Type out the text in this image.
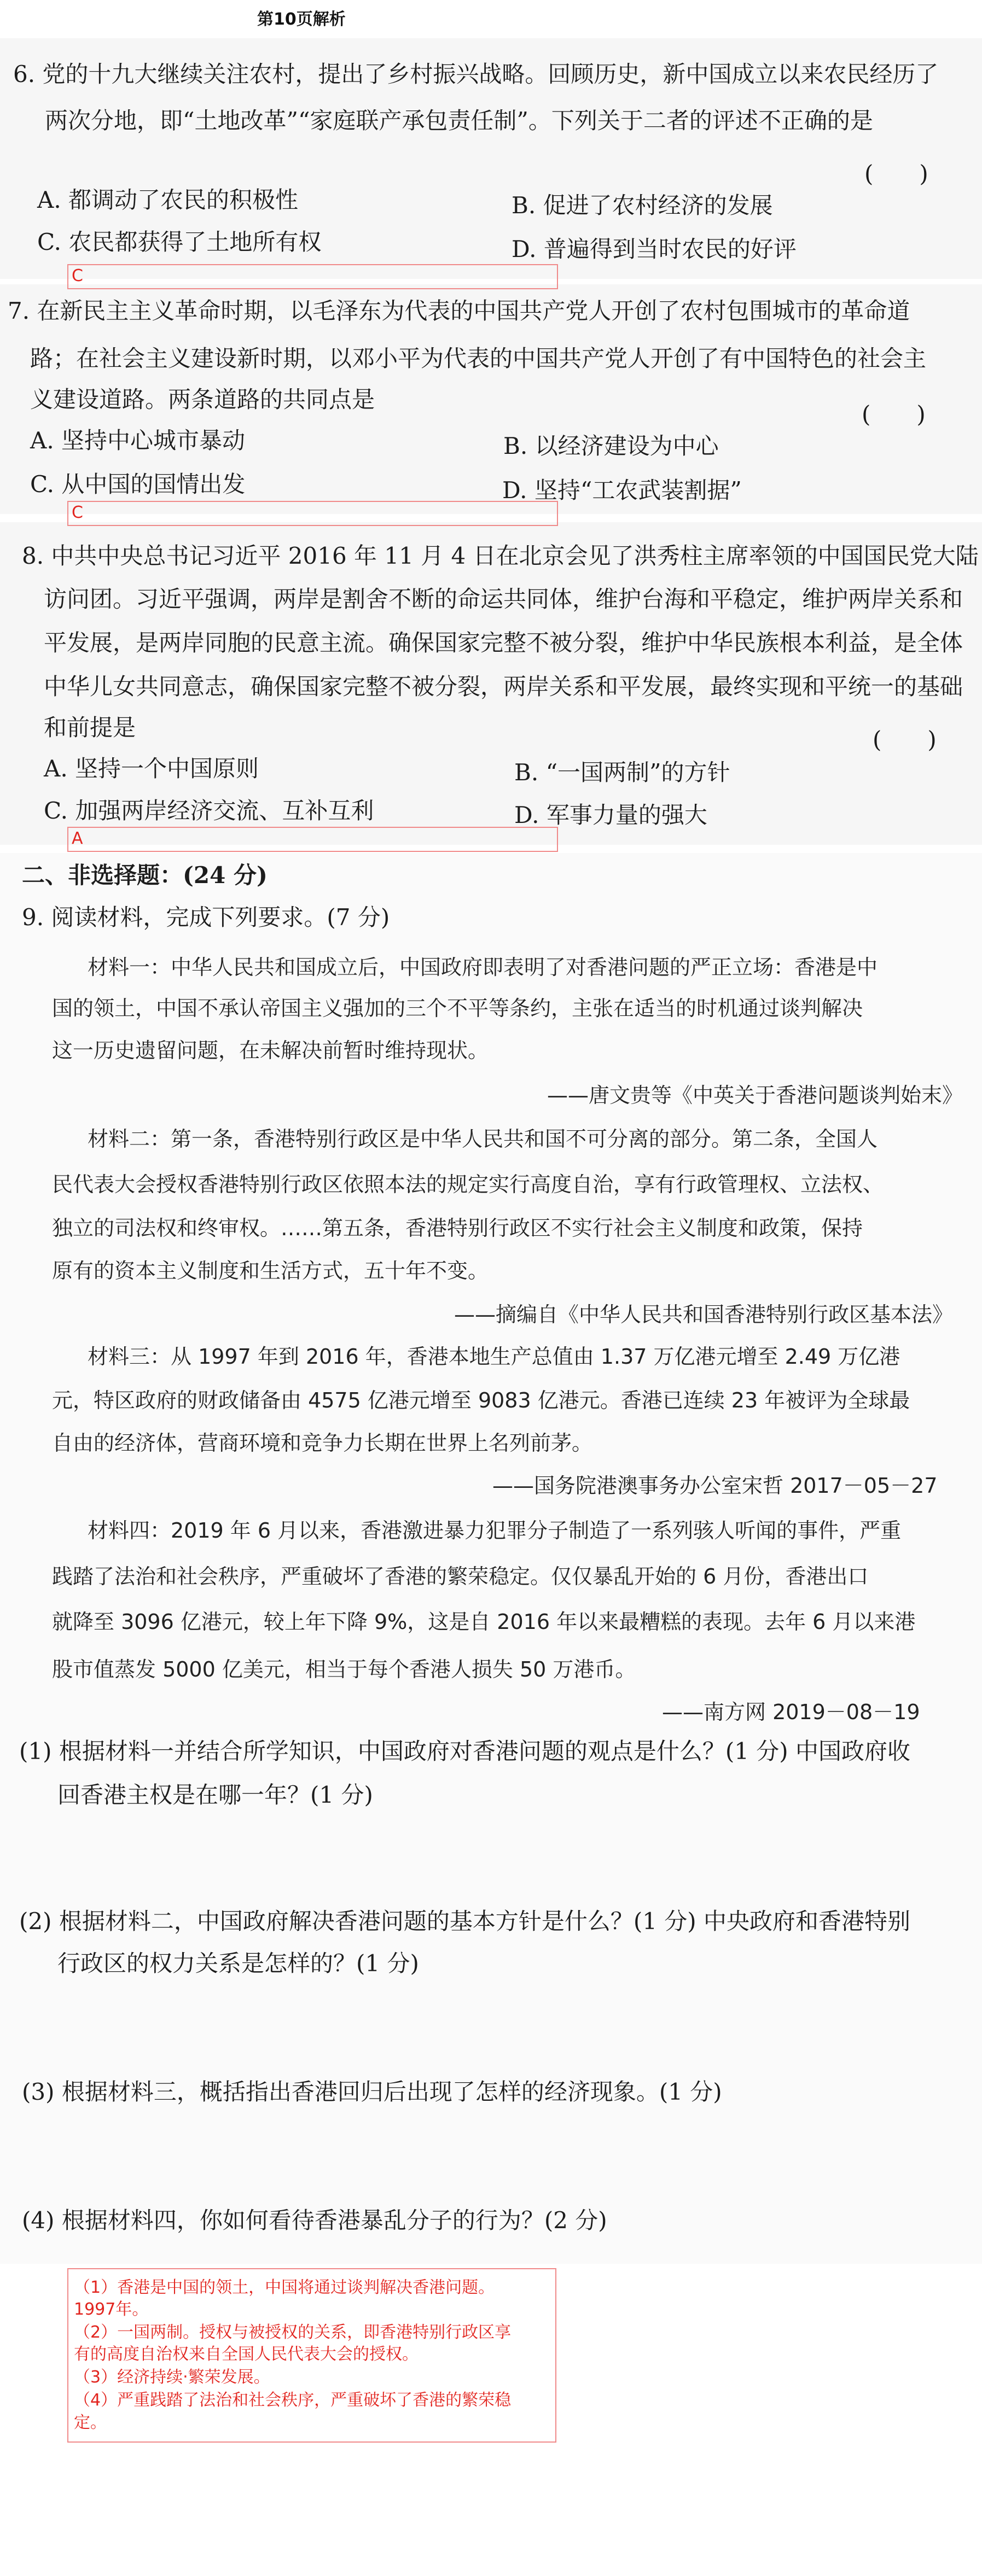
第10页解析
6. 党的十九大继续关注农村，提出了乡村振兴战略。回顾历史，新中国成立以来农民经历了
两次分地，即“土地改革”“家庭联产承包责任制”。下列关于二者的评述不正确的是
(　　)
A. 都调动了农民的积极性	B. 促进了农村经济的发展
C. 农民都获得了土地所有权	D. 普遍得到当时农民的好评
C
7. 在新民主主义革命时期，以毛泽东为代表的中国共产党人开创了农村包围城市的革命道
路；在社会主义建设新时期，以邓小平为代表的中国共产党人开创了有中国特色的社会主
义建设道路。两条道路的共同点是
(　　)
A. 坚持中心城市暴动	B. 以经济建设为中心
C. 从中国的国情出发	D. 坚持“工农武装割据”
C
8. 中共中央总书记习近平 2016 年 11 月 4 日在北京会见了洪秀柱主席率领的中国国民党大陆
访问团。习近平强调，两岸是割舍不断的命运共同体，维护台海和平稳定，维护两岸关系和
平发展，是两岸同胞的民意主流。确保国家完整不被分裂，维护中华民族根本利益，是全体
中华儿女共同意志，确保国家完整不被分裂，两岸关系和平发展，最终实现和平统一的基础
和前提是	(　　)
A. 坚持一个中国原则	B. “一国两制”的方针
C. 加强两岸经济交流、互补互利	D. 军事力量的强大
A
二、非选择题：(24 分)
9. 阅读材料，完成下列要求。(7 分)
材料一：中华人民共和国成立后，中国政府即表明了对香港问题的严正立场：香港是中
国的领土，中国不承认帝国主义强加的三个不平等条约，主张在适当的时机通过谈判解决
这一历史遗留问题，在未解决前暂时维持现状。
——唐文贵等《中英关于香港问题谈判始末》
材料二：第一条，香港特别行政区是中华人民共和国不可分离的部分。第二条，全国人
民代表大会授权香港特别行政区依照本法的规定实行高度自治，享有行政管理权、立法权、
独立的司法权和终审权。……第五条，香港特别行政区不实行社会主义制度和政策，保持
原有的资本主义制度和生活方式，五十年不变。
——摘编自《中华人民共和国香港特别行政区基本法》
材料三：从 1997 年到 2016 年，香港本地生产总值由 1.37 万亿港元增至 2.49 万亿港
元，特区政府的财政储备由 4575 亿港元增至 9083 亿港元。香港已连续 23 年被评为全球最
自由的经济体，营商环境和竞争力长期在世界上名列前茅。
——国务院港澳事务办公室宋哲 2017－05－27
材料四：2019 年 6 月以来，香港激进暴力犯罪分子制造了一系列骇人听闻的事件，严重
践踏了法治和社会秩序，严重破坏了香港的繁荣稳定。仅仅暴乱开始的 6 月份，香港出口
就降至 3096 亿港元，较上年下降 9%，这是自 2016 年以来最糟糕的表现。去年 6 月以来港
股市值蒸发 5000 亿美元，相当于每个香港人损失 50 万港币。
——南方网 2019－08－19
(1) 根据材料一并结合所学知识，中国政府对香港问题的观点是什么？(1 分) 中国政府收
回香港主权是在哪一年？(1 分)
(2) 根据材料二，中国政府解决香港问题的基本方针是什么？(1 分) 中央政府和香港特别
行政区的权力关系是怎样的？(1 分)
(3) 根据材料三，概括指出香港回归后出现了怎样的经济现象。(1 分)
(4) 根据材料四，你如何看待香港暴乱分子的行为？(2 分)
（1）香港是中国的领土，中国将通过谈判解决香港问题。
1997年。
（2）一国两制。授权与被授权的关系，即香港特别行政区享
有的高度自治权来自全国人民代表大会的授权。
（3）经济持续‧繁荣发展。
（4）严重践踏了法治和社会秩序，严重破坏了香港的繁荣稳
定。
